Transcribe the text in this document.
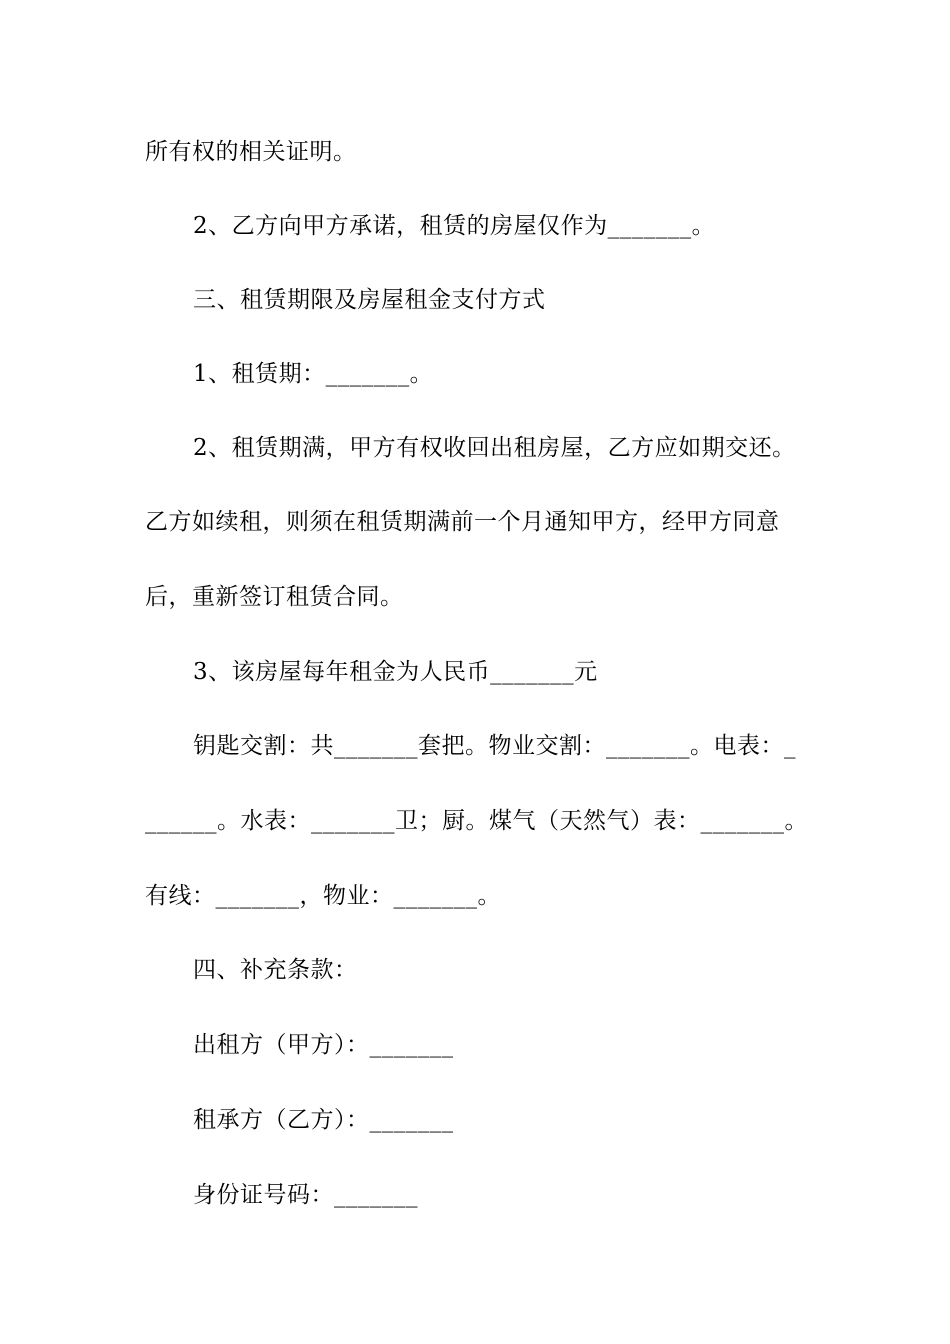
所有权的相关证明。
2、乙方向甲方承诺，租赁的房屋仅作为_______。
三、租赁期限及房屋租金支付方式
1、租赁期：_______。
2、租赁期满，甲方有权收回出租房屋，乙方应如期交还。
乙方如续租，则须在租赁期满前一个月通知甲方，经甲方同意
后，重新签订租赁合同。
3、该房屋每年租金为人民币_______元
钥匙交割：共_______套把。物业交割：_______。电表：_
______。水表：_______卫；厨。煤气（天然气）表：_______。
有线：_______，物业：_______。
四、补充条款：
出租方（甲方）：_______
租承方（乙方）：_______
身份证号码：_______
